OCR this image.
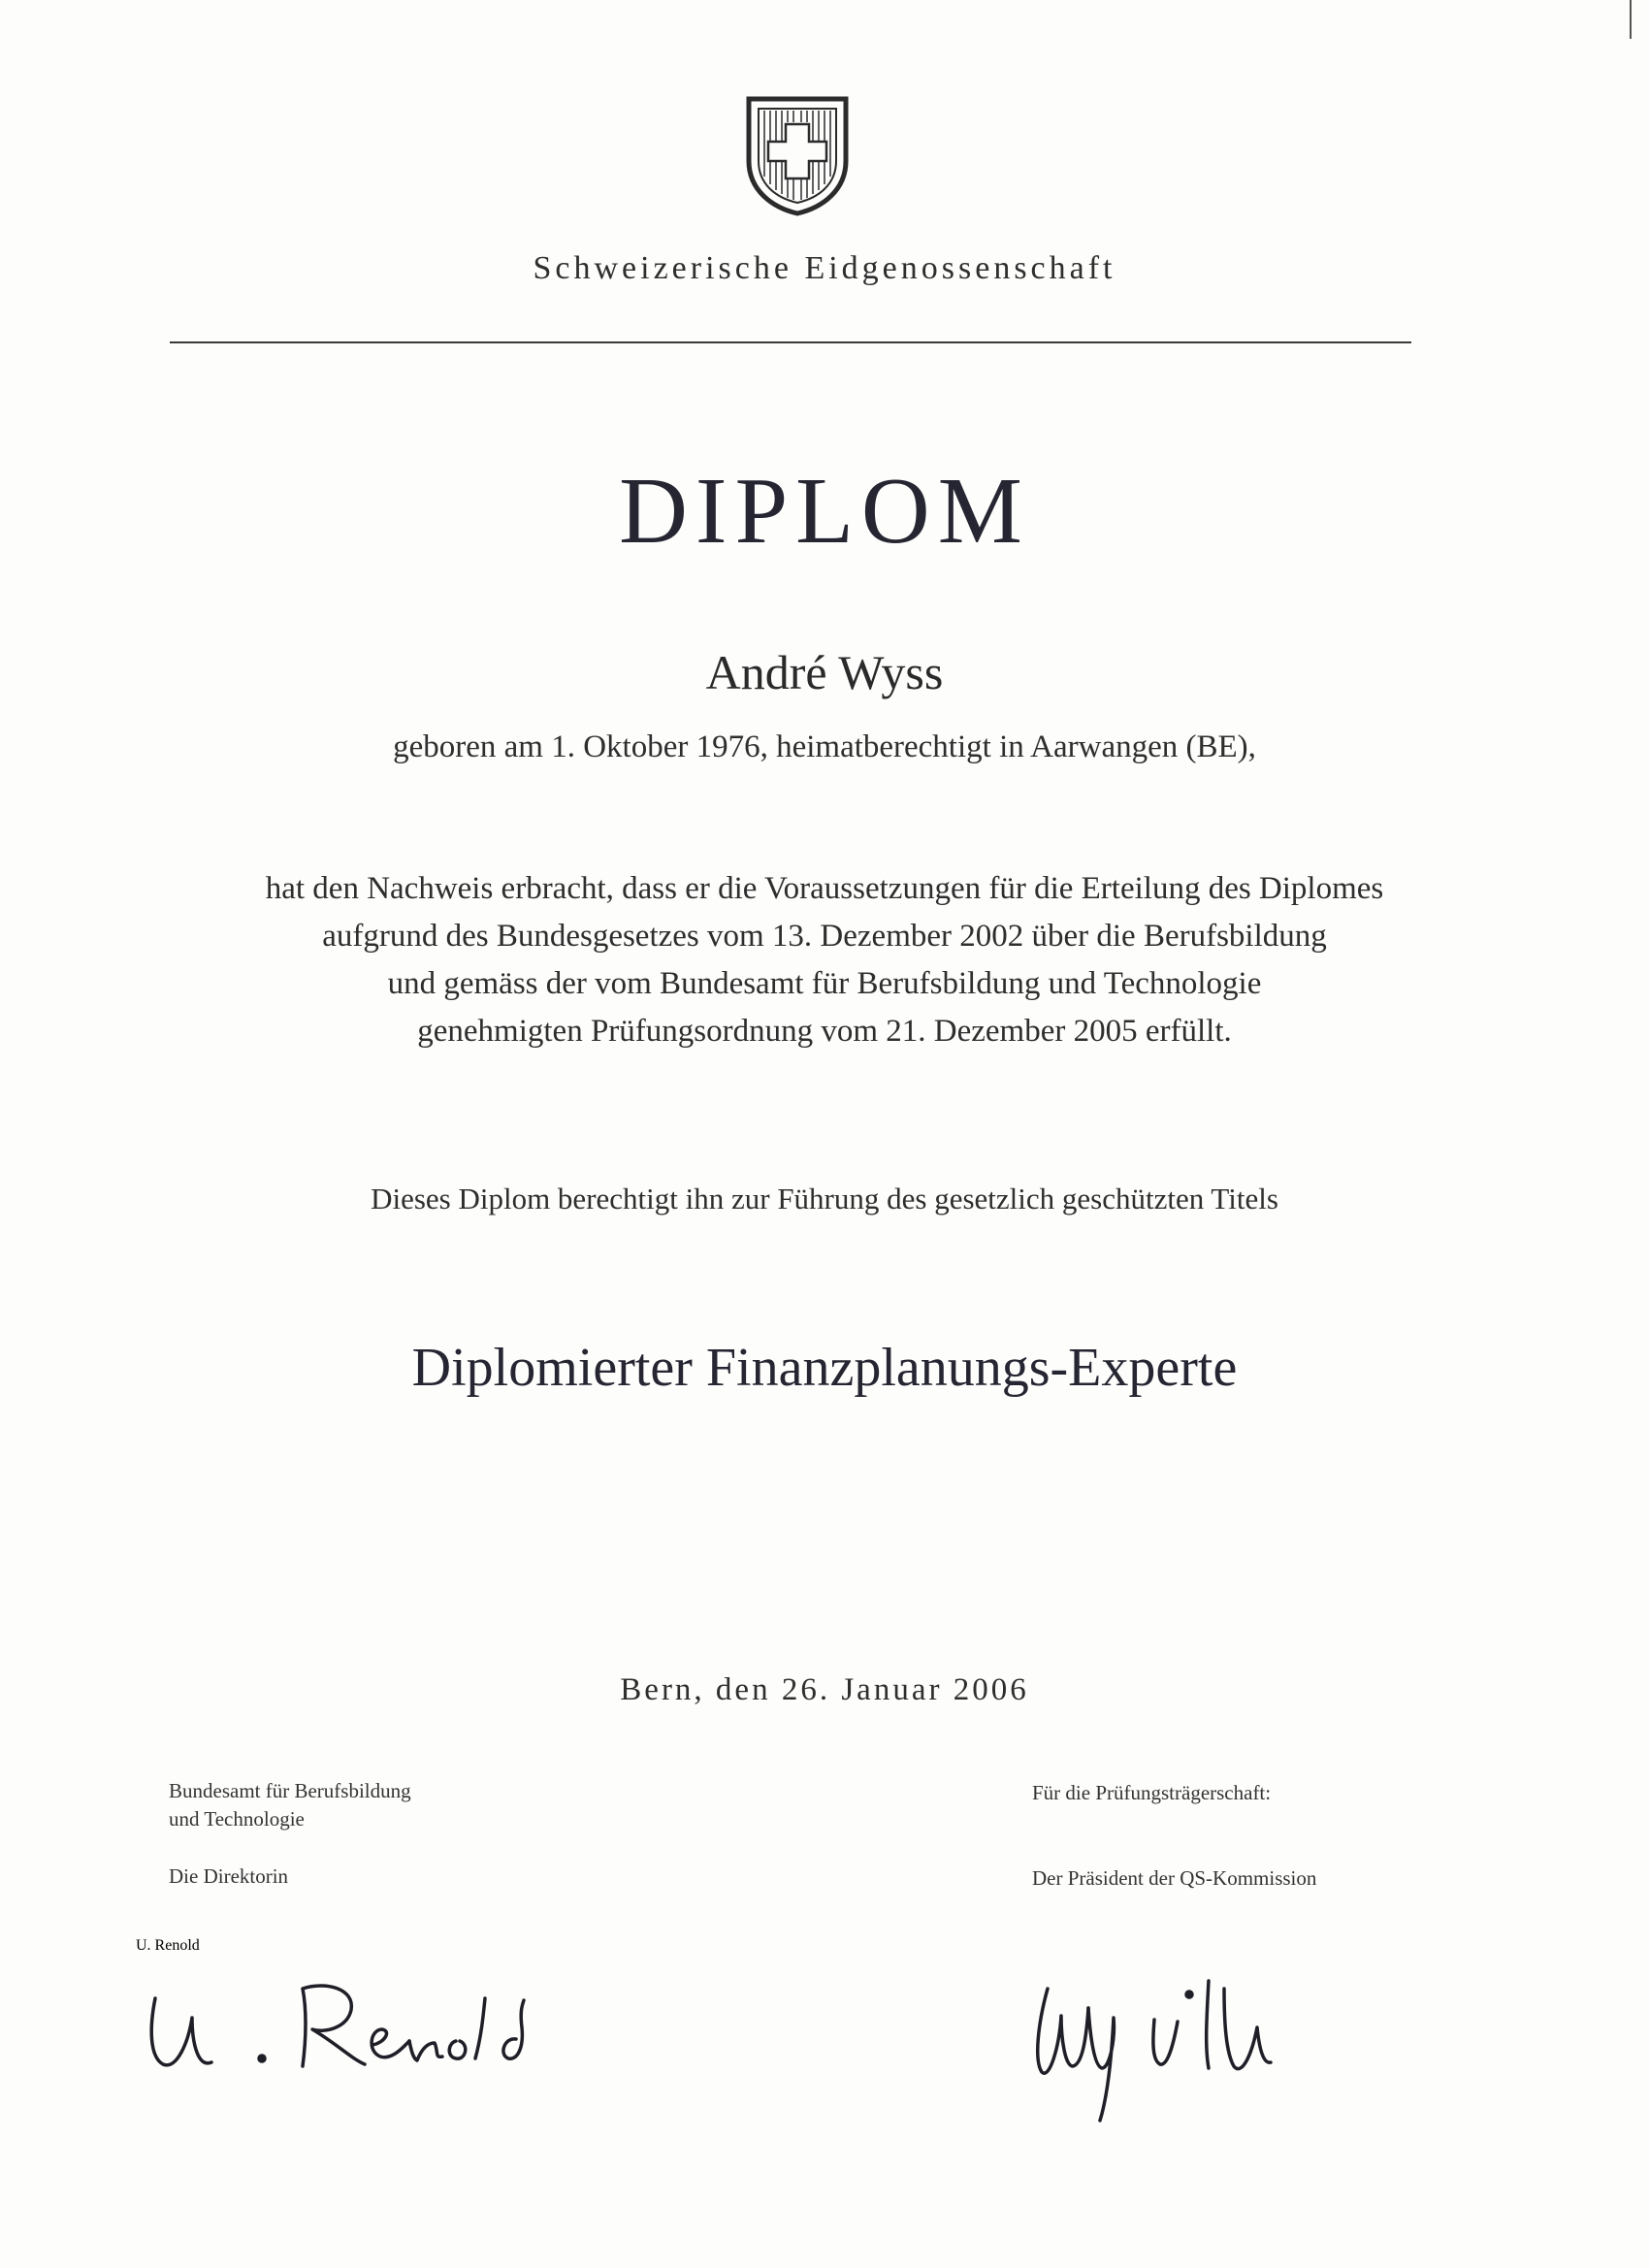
Schweizerische Eidgenossenschaft
DIPLOM
André Wyss
geboren am 1. Oktober 1976, heimatberechtigt in Aarwangen (BE),
hat den Nachweis erbracht, dass er die Voraussetzungen für die Erteilung des Diplomes
aufgrund des Bundesgesetzes vom 13. Dezember 2002 über die Berufsbildung
und gemäss der vom Bundesamt für Berufsbildung und Technologie
genehmigten Prüfungsordnung vom 21. Dezember 2005 erfüllt.
Dieses Diplom berechtigt ihn zur Führung des gesetzlich geschützten Titels
Diplomierter Finanzplanungs-Experte
Bern, den 26. Januar 2006
Bundesamt für Berufsbildung
und Technologie
Die Direktorin
Für die Prüfungsträgerschaft:
Der Präsident der QS-Kommission
U. Renold
